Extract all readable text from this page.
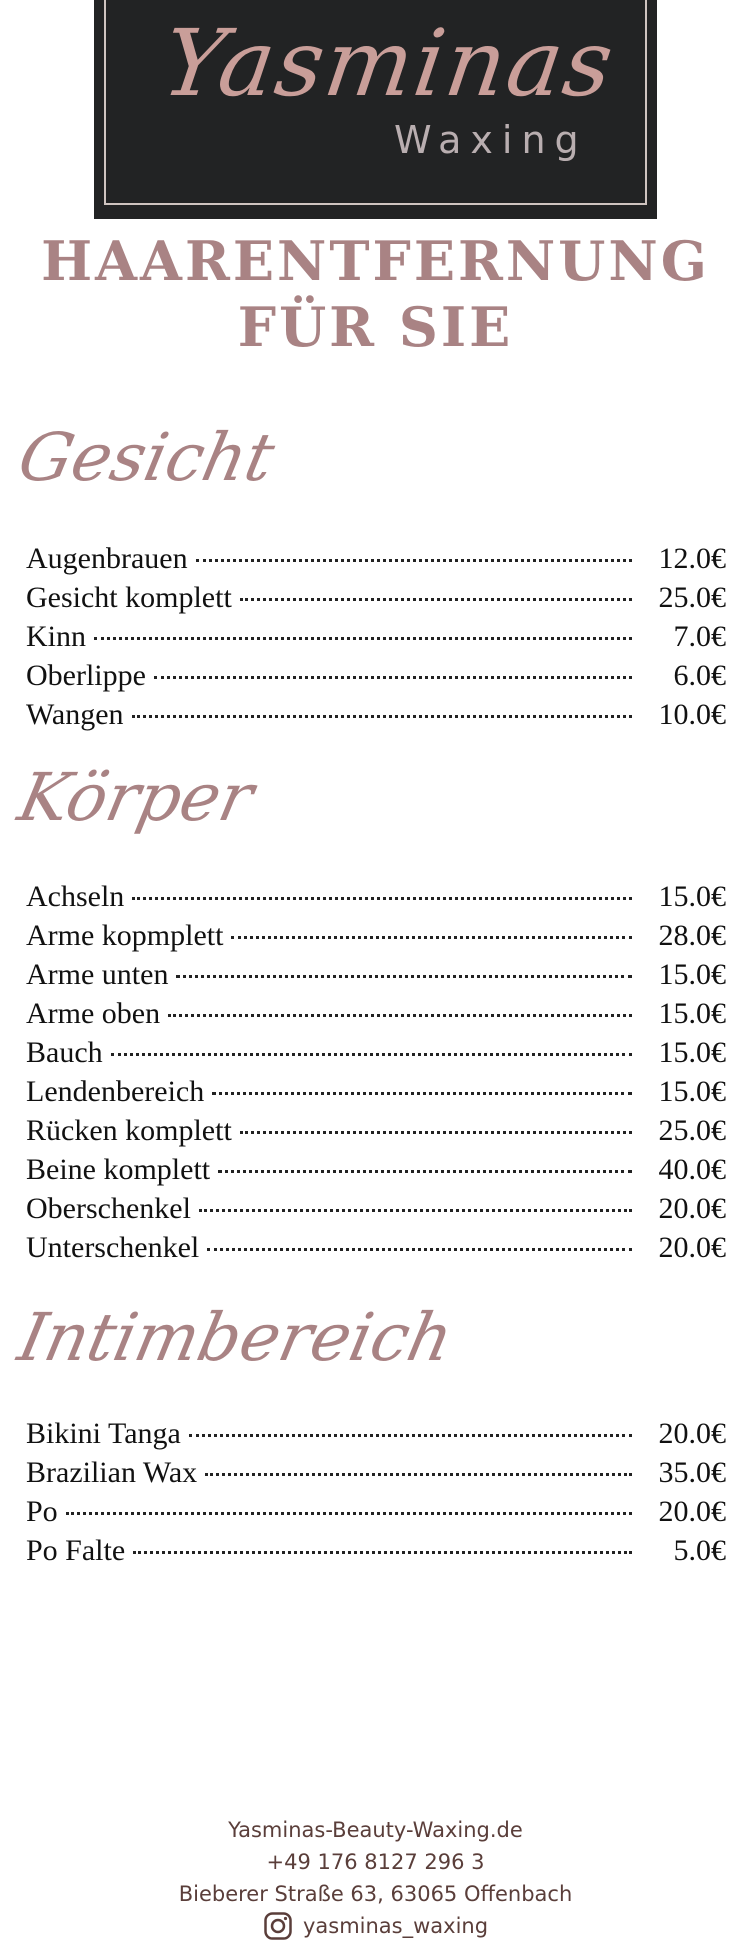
Yasminas
Waxing
HAARENTFERNUNG
FÜR SIE
Gesicht
Augenbrauen	12.0€
Gesicht komplett	25.0€
Kinn	7.0€
Oberlippe	6.0€
Wangen	10.0€
Körper
Achseln	15.0€
Arme kopmplett	28.0€
Arme unten	15.0€
Arme oben	15.0€
Bauch	15.0€
Lendenbereich	15.0€
Rücken komplett	25.0€
Beine komplett	40.0€
Oberschenkel	20.0€
Unterschenkel	20.0€
Intimbereich
Bikini Tanga	20.0€
Brazilian Wax	35.0€
Po	20.0€
Po Falte	5.0€
Yasminas-Beauty-Waxing.de
+49 176 8127 296 3
Bieberer Straße 63, 63065 Offenbach
yasminas_waxing
